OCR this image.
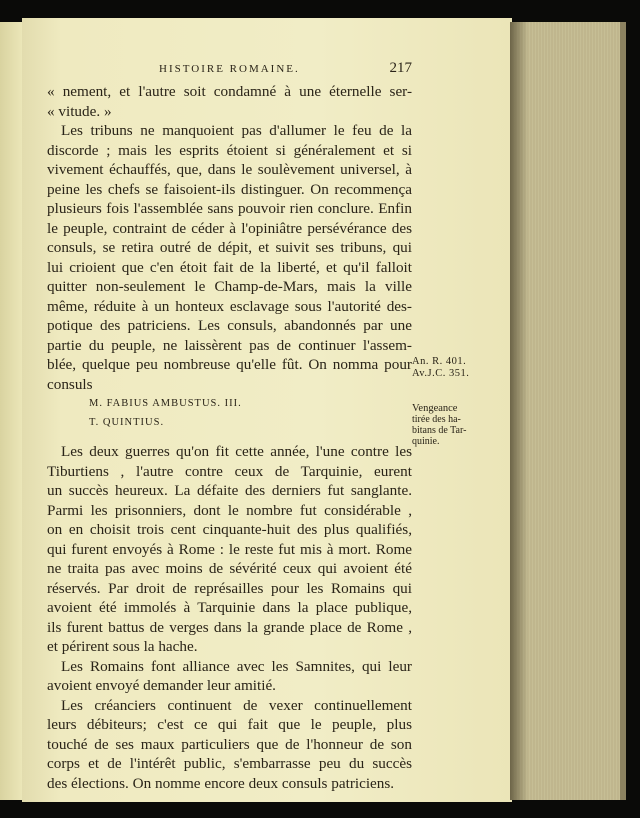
HISTOIRE ROMAINE.	217
« nement, et l'autre soit condamné à une éternelle ser-
« vitude. »
Les tribuns ne manquoient pas d'allumer le feu de la
discorde ; mais les esprits étoient si généralement et si
vivement échauffés, que, dans le soulèvement universel, à
peine les chefs se faisoient-ils distinguer. On recommença
plusieurs fois l'assemblée sans pouvoir rien conclure. Enfin
le peuple, contraint de céder à l'opiniâtre persévérance des
consuls, se retira outré de dépit, et suivit ses tribuns, qui
lui crioient que c'en étoit fait de la liberté, et qu'il falloit
quitter non-seulement le Champ-de-Mars, mais la ville
même, réduite à un honteux esclavage sous l'autorité des-
potique des patriciens. Les consuls, abandonnés par une
partie du peuple, ne laissèrent pas de continuer l'assem-
blée, quelque peu nombreuse qu'elle fût. On nomma pour
consuls
M. FABIUS AMBUSTUS. III.
T. QUINTIUS.
Les deux guerres qu'on fit cette année, l'une contre les
Tiburtiens , l'autre contre ceux de Tarquinie, eurent
un succès heureux. La défaite des derniers fut sanglante.
Parmi les prisonniers, dont le nombre fut considérable ,
on en choisit trois cent cinquante-huit des plus qualifiés,
qui furent envoyés à Rome : le reste fut mis à mort. Rome
ne traita pas avec moins de sévérité ceux qui avoient été
réservés. Par droit de représailles pour les Romains qui
avoient été immolés à Tarquinie dans la place publique,
ils furent battus de verges dans la grande place de Rome ,
et périrent sous la hache.
Les Romains font alliance avec les Samnites, qui leur
avoient envoyé demander leur amitié.
Les créanciers continuent de vexer continuellement
leurs débiteurs; c'est ce qui fait que le peuple, plus
touché de ses maux particuliers que de l'honneur de son
corps et de l'intérêt public, s'embarrasse peu du succès
des élections. On nomme encore deux consuls patriciens.
An. R. 401.
Av.J.C. 351.
Vengeance
tirée des ha-
bitans de Tar-
quinie.
